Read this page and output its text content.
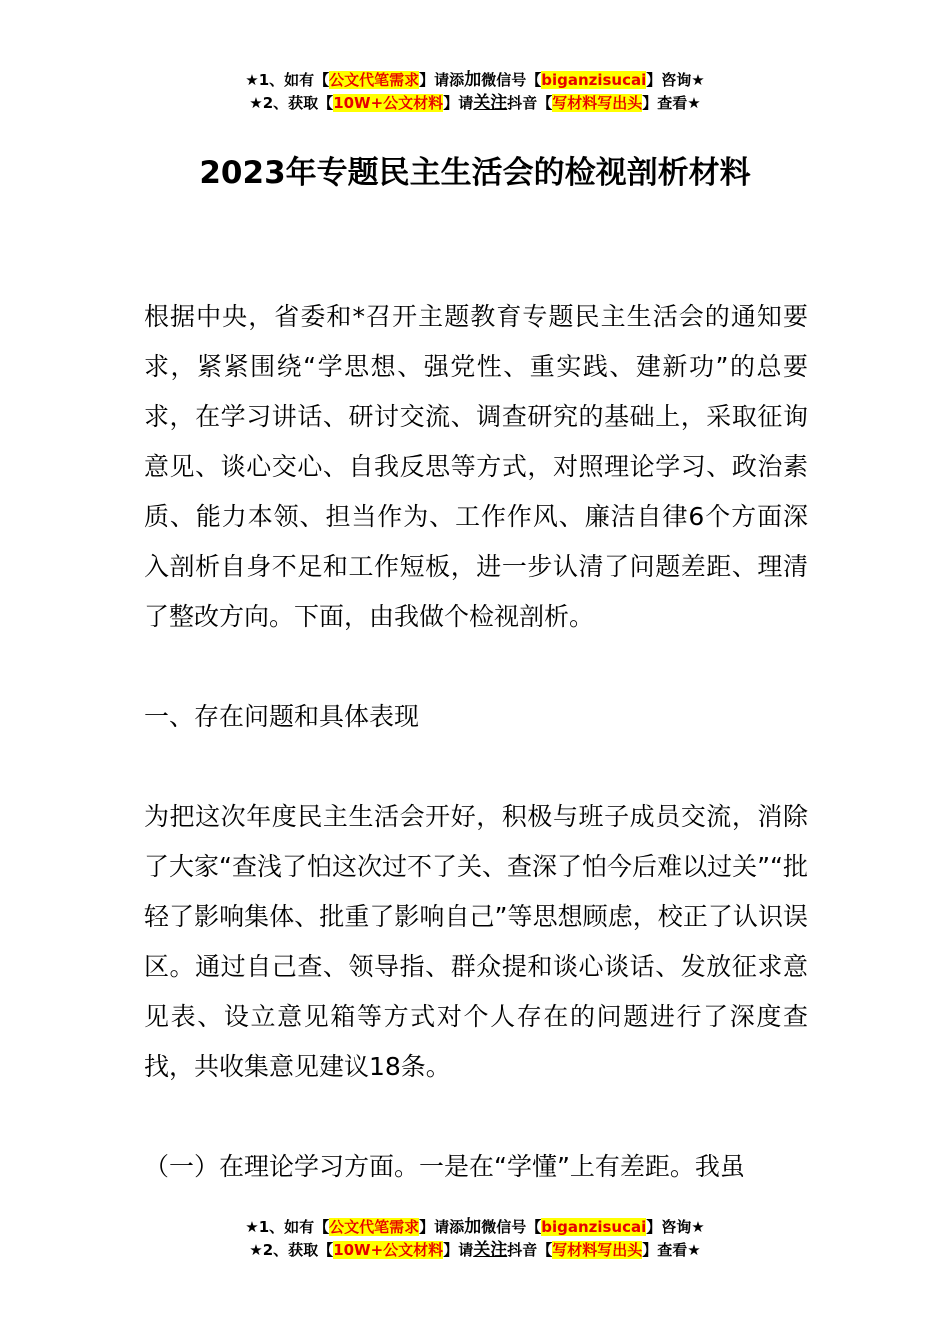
★1、如有【公文代笔需求】请添加微信号【biganzisucai】咨询★
★2、获取【10W+公文材料】请关注抖音【写材料写出头】查看★
2023年专题民主生活会的检视剖析材料

根据中央，省委和*召开主题教育专题民主生活会的通知要求，紧紧围绕“学思想、强党性、重实践、建新功”的总要求，在学习讲话、研讨交流、调查研究的基础上，采取征询意见、谈心交心、自我反思等方式，对照理论学习、政治素质、能力本领、担当作为、工作作风、廉洁自律6个方面深入剖析自身不足和工作短板，进一步认清了问题差距、理清了整改方向。下面，由我做个检视剖析。

一、存在问题和具体表现

为把这次年度民主生活会开好，积极与班子成员交流，消除了大家“查浅了怕这次过不了关、查深了怕今后难以过关”“批轻了影响集体、批重了影响自己”等思想顾虑，校正了认识误区。通过自己查、领导指、群众提和谈心谈话、发放征求意见表、设立意见箱等方式对个人存在的问题进行了深度查找，共收集意见建议18条。

（一）在理论学习方面。一是在“学懂”上有差距。我虽

★1、如有【公文代笔需求】请添加微信号【biganzisucai】咨询★
★2、获取【10W+公文材料】请关注抖音【写材料写出头】查看★
